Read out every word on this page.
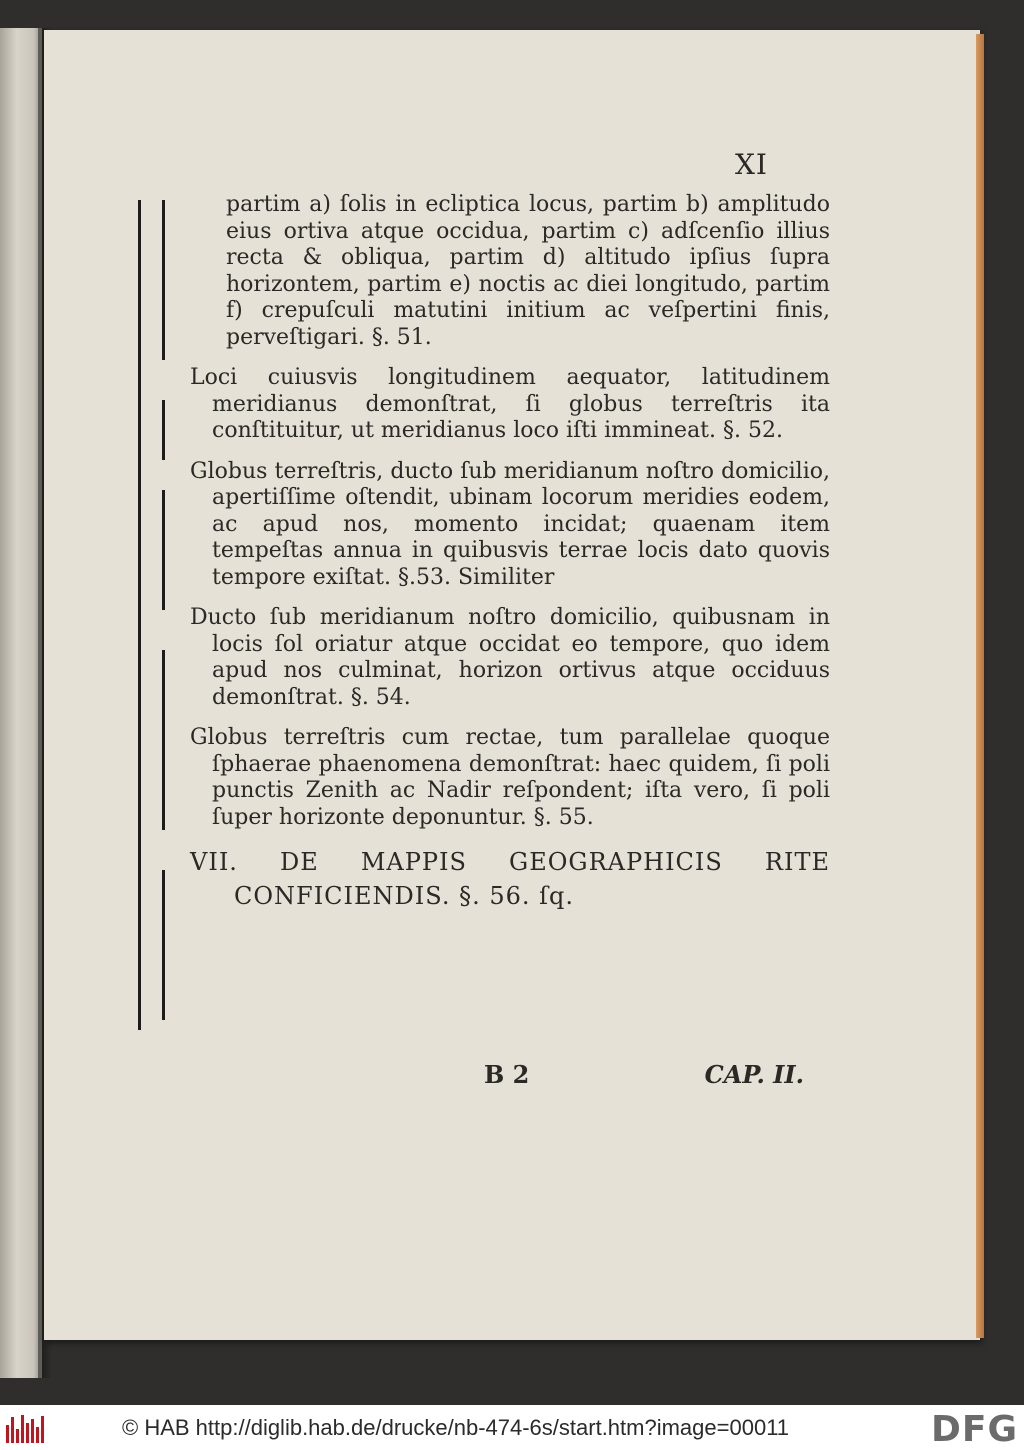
XI

partim a) ſolis in ecliptica locus, partim b) amplitudo eius ortiva atque occidua, partim c) adſcenſio illius recta & obliqua, partim d) altitudo ipſius ſupra horizontem, partim e) noctis ac diei longitudo, partim f) crepuſculi matutini initium ac veſpertini finis, perveſtigari. §. 51.

Loci cuiusvis longitudinem aequator, latitudinem meridianus demonſtrat, ſi globus terreſtris ita conſtituitur, ut meridianus loco iſti immineat. §. 52.

Globus terreſtris, ducto ſub meridianum noſtro domicilio, apertiſſime oſtendit, ubinam locorum meridies eodem, ac apud nos, momento incidat; quaenam item tempeſtas annua in quibusvis terrae locis dato quovis tempore exiſtat. §.53. Similiter

Ducto ſub meridianum noſtro domicilio, quibusnam in locis ſol oriatur atque occidat eo tempore, quo idem apud nos culminat, horizon ortivus atque occiduus demonſtrat. §. 54.

Globus terreſtris cum rectae, tum parallelae quoque ſphaerae phaenomena demonſtrat: haec quidem, ſi poli punctis Zenith ac Nadir reſpondent; iſta vero, ſi poli ſuper horizonte deponuntur. §. 55.

VII. DE MAPPIS GEOGRAPHICIS RITE CONFICIENDIS. §. 56. ſq.

B 2	CAP. II.
© HAB http://diglib.hab.de/drucke/nb-474-6s/start.htm?image=00011	DFG
